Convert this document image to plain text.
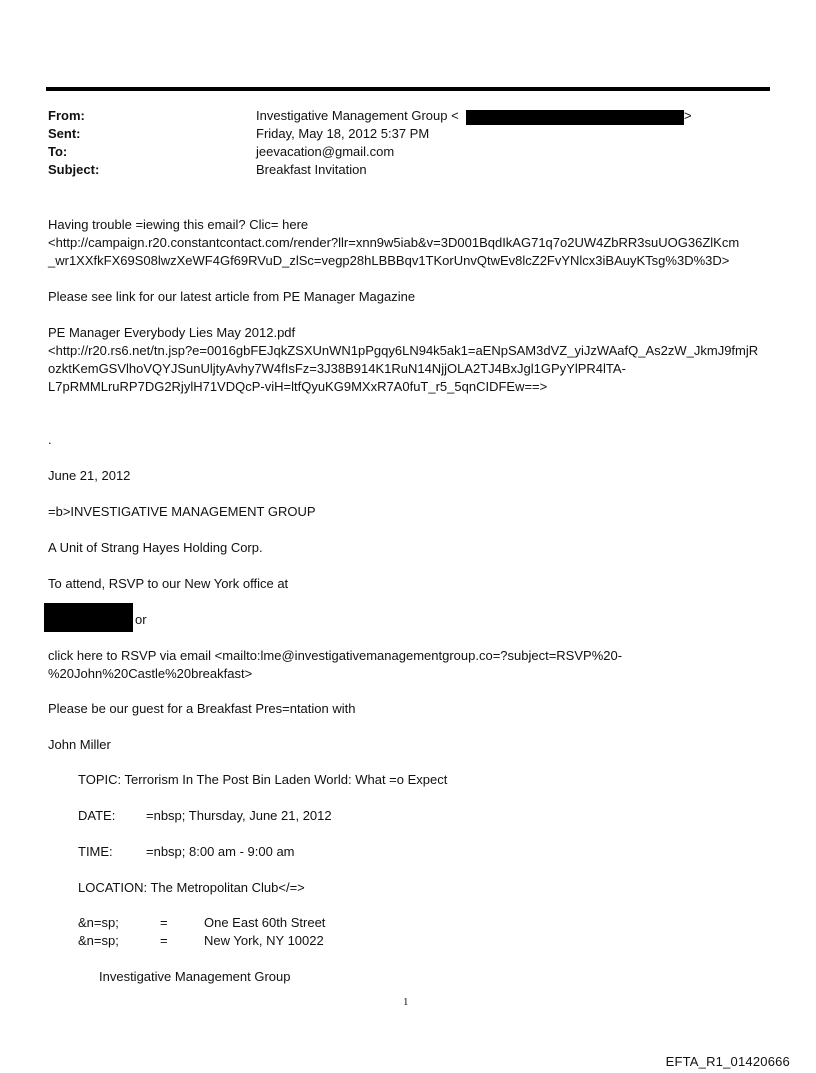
From:	Investigative Management Group <	>
Sent:	Friday, May 18, 2012 5:37 PM
To:	jeevacation@gmail.com
Subject:	Breakfast Invitation
Having trouble =iewing this email? Clic= here
<http://campaign.r20.constantcontact.com/render?llr=xnn9w5iab&v=3D001BqdIkAG71q7o2UW4ZbRR3suUOG36ZlKcm
_wr1XXfkFX69S08lwzXeWF4Gf69RVuD_zlSc=vegp28hLBBBqv1TKorUnvQtwEv8lcZ2FvYNlcx3iBAuyKTsg%3D%3D>
Please see link for our latest article from PE Manager Magazine
PE Manager Everybody Lies May 2012.pdf
<http://r20.rs6.net/tn.jsp?e=0016gbFEJqkZSXUnWN1pPgqy6LN94k5ak1=aENpSAM3dVZ_yiJzWAafQ_As2zW_JkmJ9fmjR
ozktKemGSVlhoVQYJSunUljtyAvhy7W4fIsFz=3J38B914K1RuN14NjjOLA2TJ4BxJgl1GPyYlPR4lTA-
L7pRMMLruRP7DG2RjylH71VDQcP-viH=ltfQyuKG9MXxR7A0fuT_r5_5qnCIDFEw==>
.
June 21, 2012
=b>INVESTIGATIVE MANAGEMENT GROUP
A Unit of Strang Hayes Holding Corp.
To attend, RSVP to our New York office at
or
click here to RSVP via email <mailto:lme@investigativemanagementgroup.co=?subject=RSVP%20-
%20John%20Castle%20breakfast>
Please be our guest for a Breakfast Pres=ntation with
John Miller
TOPIC: Terrorism In The Post Bin Laden World: What =o Expect
DATE: =nbsp; Thursday, June 21, 2012
TIME:	=nbsp; 8:00 am - 9:00 am
LOCATION: The Metropolitan Club</=>
&n=sp;	=	One East 60th Street
&n=sp;	=	New York, NY 10022
Investigative Management Group
1
EFTA_R1_01420666
